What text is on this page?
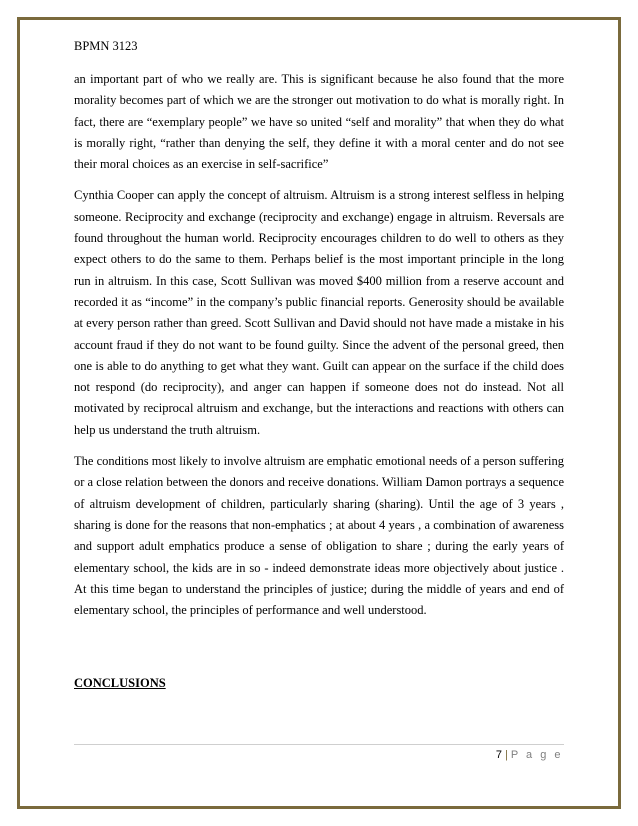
BPMN 3123

an important part of who we really are. This is significant because he also found that the more morality becomes part of which we are the stronger out motivation to do what is morally right. In fact, there are “exemplary people” we have so united “self and morality” that when they do what is morally right, “rather than denying the self, they define it with a moral center and do not see their moral choices as an exercise in self-sacrifice”

Cynthia Cooper can apply the concept of altruism. Altruism is a strong interest selfless in helping someone. Reciprocity and exchange (reciprocity and exchange) engage in altruism. Reversals are found throughout the human world. Reciprocity encourages children to do well to others as they expect others to do the same to them. Perhaps belief is the most important principle in the long run in altruism. In this case, Scott Sullivan was moved $400 million from a reserve account and recorded it as “income” in the company’s public financial reports. Generosity should be available at every person rather than greed. Scott Sullivan and David should not have made a mistake in his account fraud if they do not want to be found guilty. Since the advent of the personal greed, then one is able to do anything to get what they want. Guilt can appear on the surface if the child does not respond (do reciprocity), and anger can happen if someone does not do instead. Not all motivated by reciprocal altruism and exchange, but the interactions and reactions with others can help us understand the truth altruism.

The conditions most likely to involve altruism are emphatic emotional needs of a person suffering or a close relation between the donors and receive donations. William Damon portrays a sequence of altruism development of children, particularly sharing (sharing). Until the age of 3 years , sharing is done for the reasons that non-emphatics ; at about 4 years , a combination of awareness and support adult emphatics produce a sense of obligation to share ; during the early years of elementary school, the kids are in so - indeed demonstrate ideas more objectively about justice . At this time began to understand the principles of justice; during the middle of years and end of elementary school, the principles of performance and well understood.

CONCLUSIONS
7 | P a g e
